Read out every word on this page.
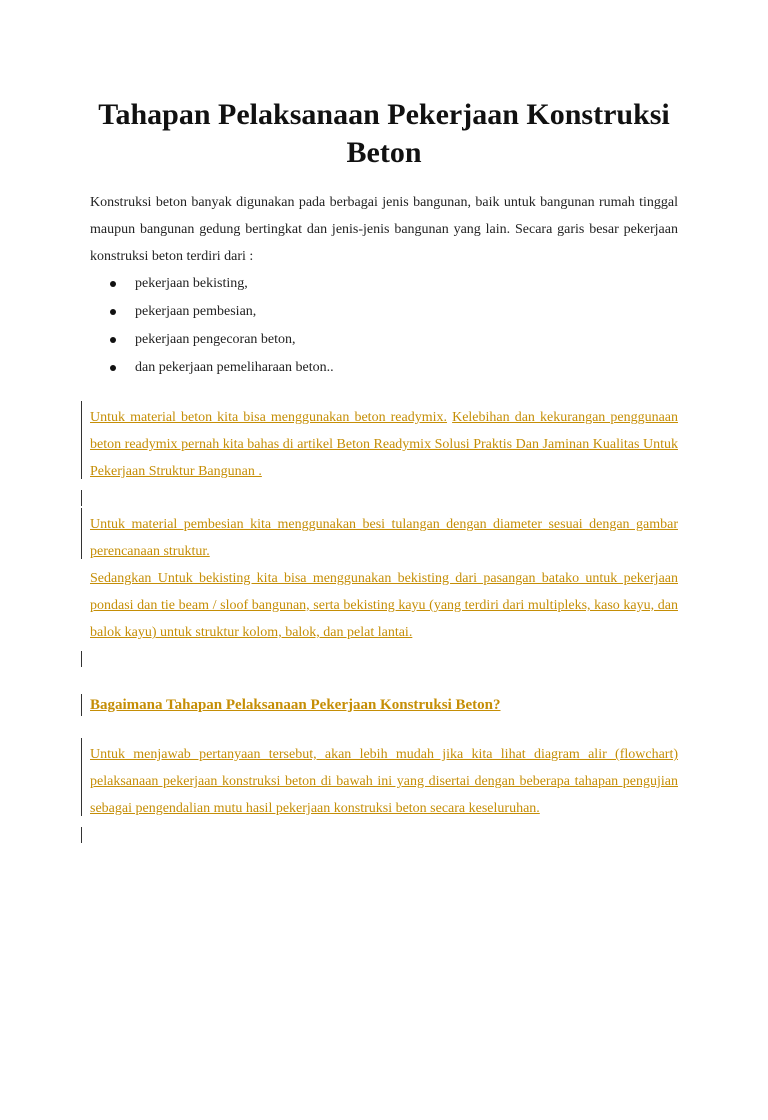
Tahapan Pelaksanaan Pekerjaan Konstruksi Beton

Konstruksi beton banyak digunakan pada berbagai jenis bangunan, baik untuk bangunan rumah tinggal maupun bangunan gedung bertingkat dan jenis-jenis bangunan yang lain. Secara garis besar pekerjaan konstruksi beton terdiri dari :

pekerjaan bekisting,
pekerjaan pembesian,
pekerjaan pengecoran beton,
dan pekerjaan pemeliharaan beton..
Untuk material beton kita bisa menggunakan beton readymix. Kelebihan dan kekurangan penggunaan beton readymix pernah kita bahas di artikel Beton Readymix Solusi Praktis Dan Jaminan Kualitas Untuk Pekerjaan Struktur Bangunan .
Untuk material pembesian kita menggunakan besi tulangan dengan diameter sesuai dengan gambar perencanaan struktur.
Sedangkan Untuk bekisting kita bisa menggunakan bekisting dari pasangan batako untuk pekerjaan pondasi dan tie beam / sloof bangunan, serta bekisting kayu (yang terdiri dari multipleks, kaso kayu, dan balok kayu) untuk struktur kolom, balok, dan pelat lantai.
Bagaimana Tahapan Pelaksanaan Pekerjaan Konstruksi Beton?
Untuk menjawab pertanyaan tersebut, akan lebih mudah jika kita lihat diagram alir (flowchart) pelaksanaan pekerjaan konstruksi beton di bawah ini yang disertai dengan beberapa tahapan pengujian sebagai pengendalian mutu hasil pekerjaan konstruksi beton secara keseluruhan.
